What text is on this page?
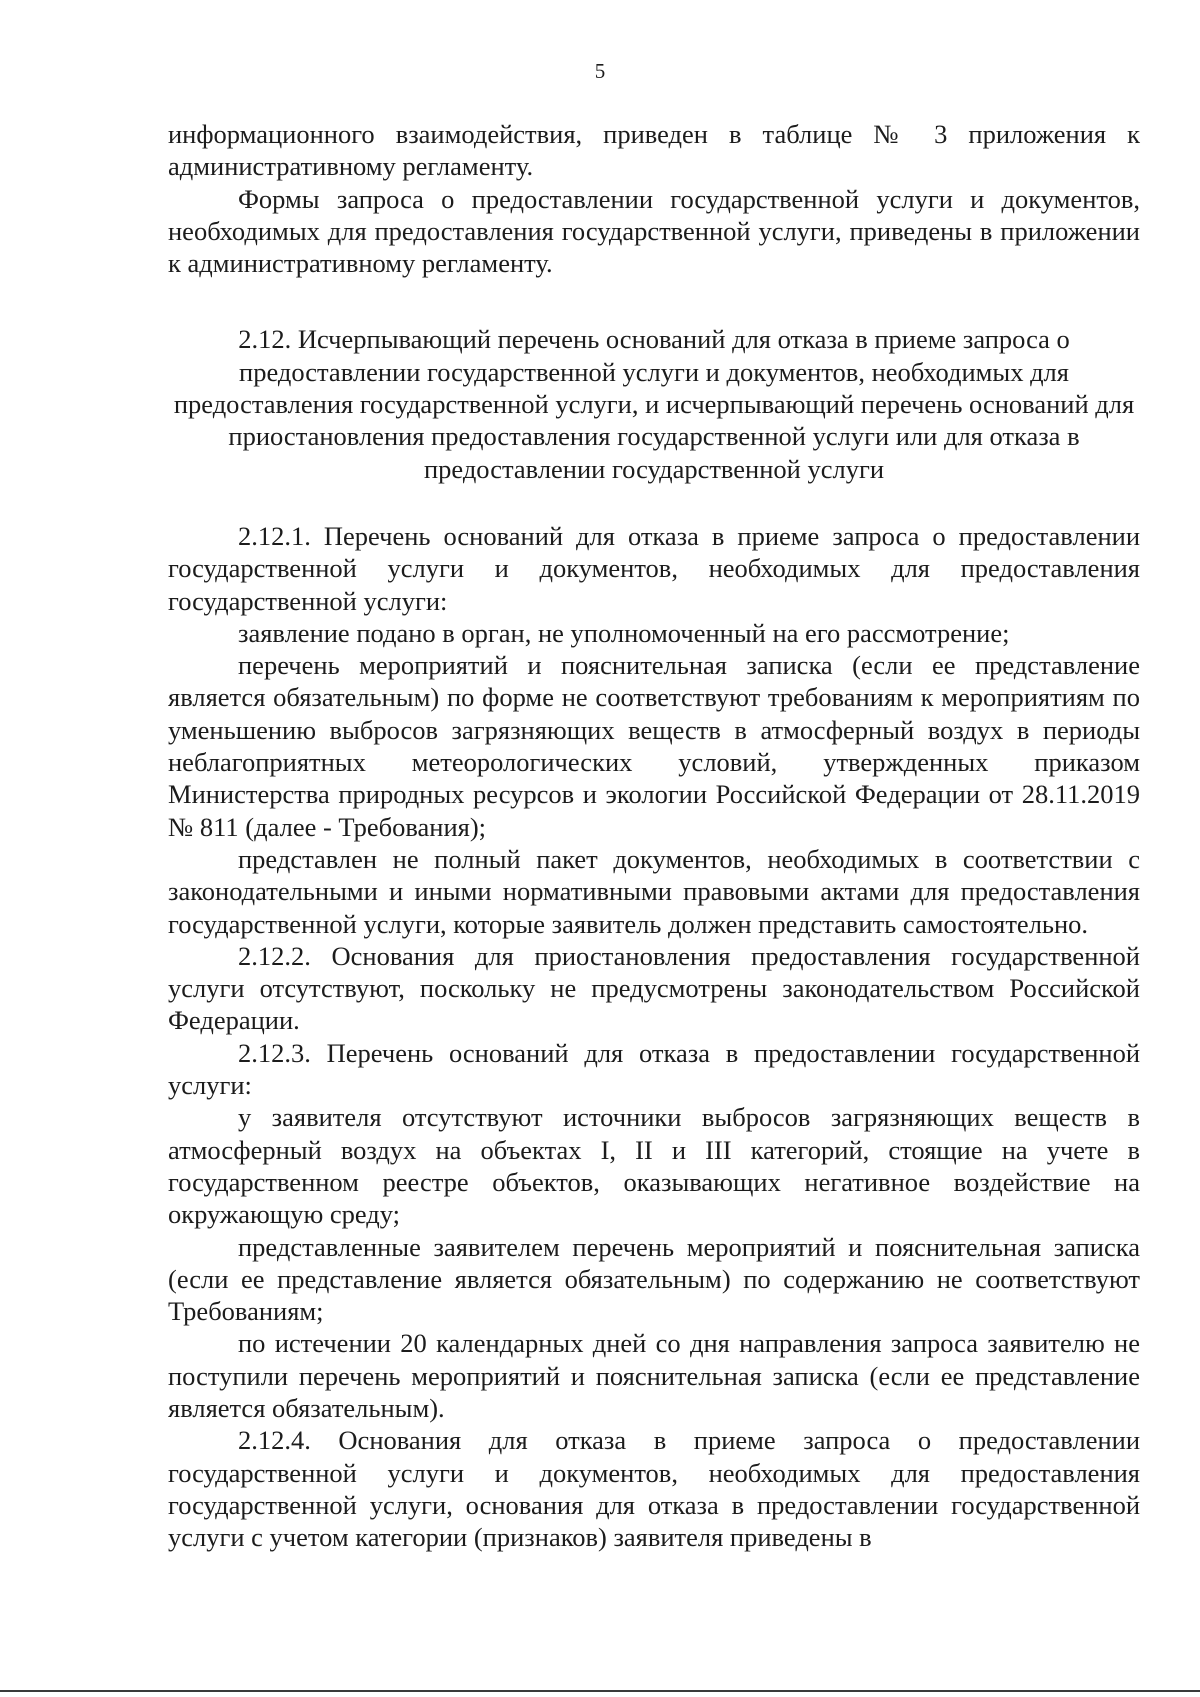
5

информационного взаимодействия, приведен в таблице № 3 приложения к административному регламенту.

Формы запроса о предоставлении государственной услуги и документов, необходимых для предоставления государственной услуги, приведены в приложении к административному регламенту.

2.12. Исчерпывающий перечень оснований для отказа в приеме запроса о предоставлении государственной услуги и документов, необходимых для предоставления государственной услуги, и исчерпывающий перечень оснований для приостановления предоставления государственной услуги или для отказа в предоставлении государственной услуги

2.12.1. Перечень оснований для отказа в приеме запроса о предоставлении государственной услуги и документов, необходимых для предоставления государственной услуги:

заявление подано в орган, не уполномоченный на его рассмотрение;

перечень мероприятий и пояснительная записка (если ее представление является обязательным) по форме не соответствуют требованиям к мероприятиям по уменьшению выбросов загрязняющих веществ в атмосферный воздух в периоды неблагоприятных метеорологических условий, утвержденных приказом Министерства природных ресурсов и экологии Российской Федерации от 28.11.2019 № 811 (далее - Требования);

представлен не полный пакет документов, необходимых в соответствии с законодательными и иными нормативными правовыми актами для предоставления государственной услуги, которые заявитель должен представить самостоятельно.

2.12.2. Основания для приостановления предоставления государственной услуги отсутствуют, поскольку не предусмотрены законодательством Российской Федерации.

2.12.3. Перечень оснований для отказа в предоставлении государственной услуги:

у заявителя отсутствуют источники выбросов загрязняющих веществ в атмосферный воздух на объектах I, II и III категорий, стоящие на учете в государственном реестре объектов, оказывающих негативное воздействие на окружающую среду;

представленные заявителем перечень мероприятий и пояснительная записка (если ее представление является обязательным) по содержанию не соответствуют Требованиям;

по истечении 20 календарных дней со дня направления запроса заявителю не поступили перечень мероприятий и пояснительная записка (если ее представление является обязательным).

2.12.4. Основания для отказа в приеме запроса о предоставлении государственной услуги и документов, необходимых для предоставления государственной услуги, основания для отказа в предоставлении государственной услуги с учетом категории (признаков) заявителя приведены в
